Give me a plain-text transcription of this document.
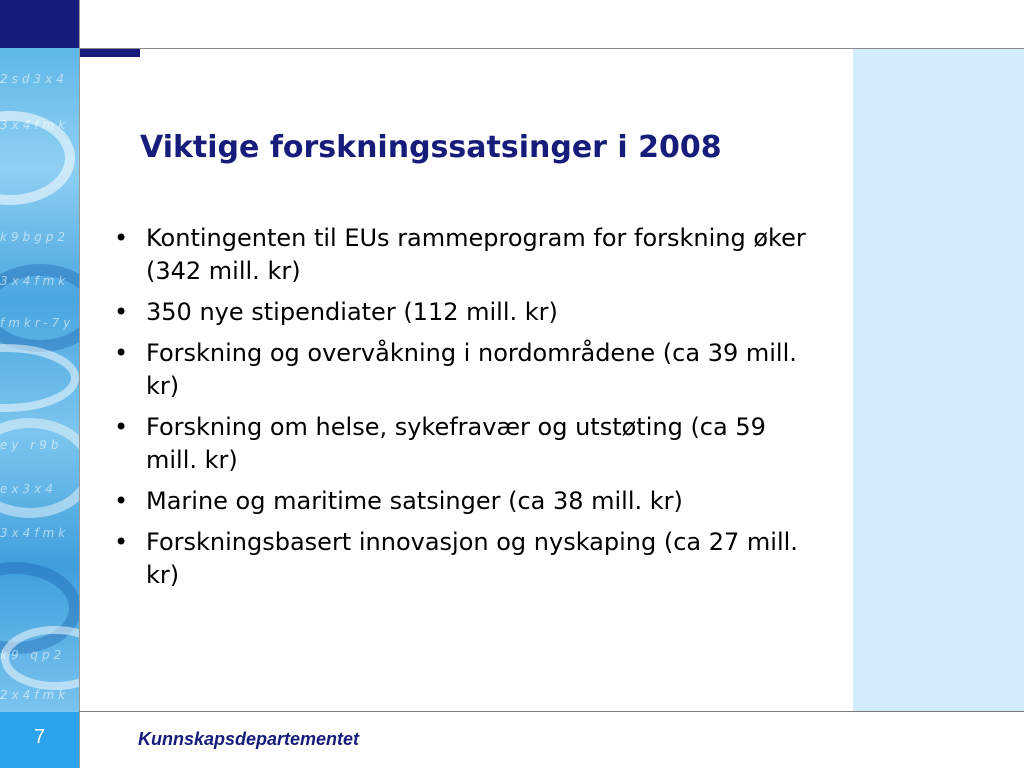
2sd3x4
3x4fmk
k9bgp2
3x4fmk
fmkr-7y
ey r9b
ex3x4
3x4fmk
k9 qp2
2x4fmk
Viktige forskningssatsinger i 2008
• Kontingenten til EUs rammeprogram for forskning øker (342 mill. kr)
• 350 nye stipendiater (112 mill. kr)
• Forskning og overvåkning i nordområdene (ca 39 mill. kr)
• Forskning om helse, sykefravær og utstøting (ca 59 mill. kr)
• Marine og maritime satsinger (ca 38 mill. kr)
• Forskningsbasert innovasjon og nyskaping (ca 27 mill. kr)
7	Kunnskapsdepartementet
